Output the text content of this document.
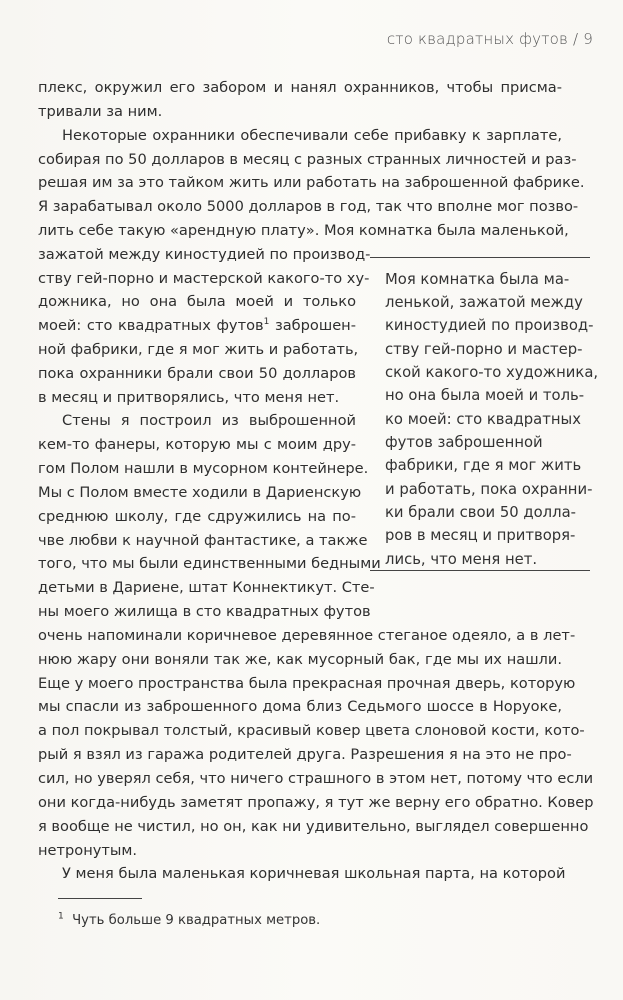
сто квадратных футов / 9
плекс, окружил его забором и нанял охранников, чтобы присма-
тривали за ним.
Некоторые охранники обеспечивали себе прибавку к зарплате,
собирая по 50 долларов в месяц с разных странных личностей и раз-
решая им за это тайком жить или работать на заброшенной фабрике.
Я зарабатывал около 5000 долларов в год, так что вполне мог позво-
лить себе такую «арендную плату». Моя комнатка была маленькой,
зажатой между киностудией по производ-
ству гей-порно и мастерской какого-то ху-
дожника, но она была моей и только
моей: сто квадратных футов$^1$ заброшен-
ной фабрики, где я мог жить и работать,
пока охранники брали свои 50 долларов
в месяц и притворялись, что меня нет.
Стены я построил из выброшенной
кем-то фанеры, которую мы с моим дру-
гом Полом нашли в мусорном контейнере.
Мы с Полом вместе ходили в Дариенскую
среднюю школу, где сдружились на по-
чве любви к научной фантастике, а также
того, что мы были единственными бедными
детьми в Дариене, штат Коннектикут. Сте-
ны моего жилища в сто квадратных футов
очень напоминали коричневое деревянное стеганое одеяло, а в лет-
нюю жару они воняли так же, как мусорный бак, где мы их нашли.
Еще у моего пространства была прекрасная прочная дверь, которую
мы спасли из заброшенного дома близ Седьмого шоссе в Норуоке,
а пол покрывал толстый, красивый ковер цвета слоновой кости, кото-
рый я взял из гаража родителей друга. Разрешения я на это не про-
сил, но уверял себя, что ничего страшного в этом нет, потому что если
они когда-нибудь заметят пропажу, я тут же верну его обратно. Ковер
я вообще не чистил, но он, как ни удивительно, выглядел совершенно
нетронутым.
У меня была маленькая коричневая школьная парта, на которой
Моя комнатка была ма-
ленькой, зажатой между
киностудией по производ-
ству гей-порно и мастер-
ской какого-то художника,
но она была моей и толь-
ко моей: сто квадратных
футов заброшенной
фабрики, где я мог жить
и работать, пока охранни-
ки брали свои 50 долла-
ров в месяц и притворя-
лись, что меня нет.
$^1$ Чуть больше 9 квадратных метров.
